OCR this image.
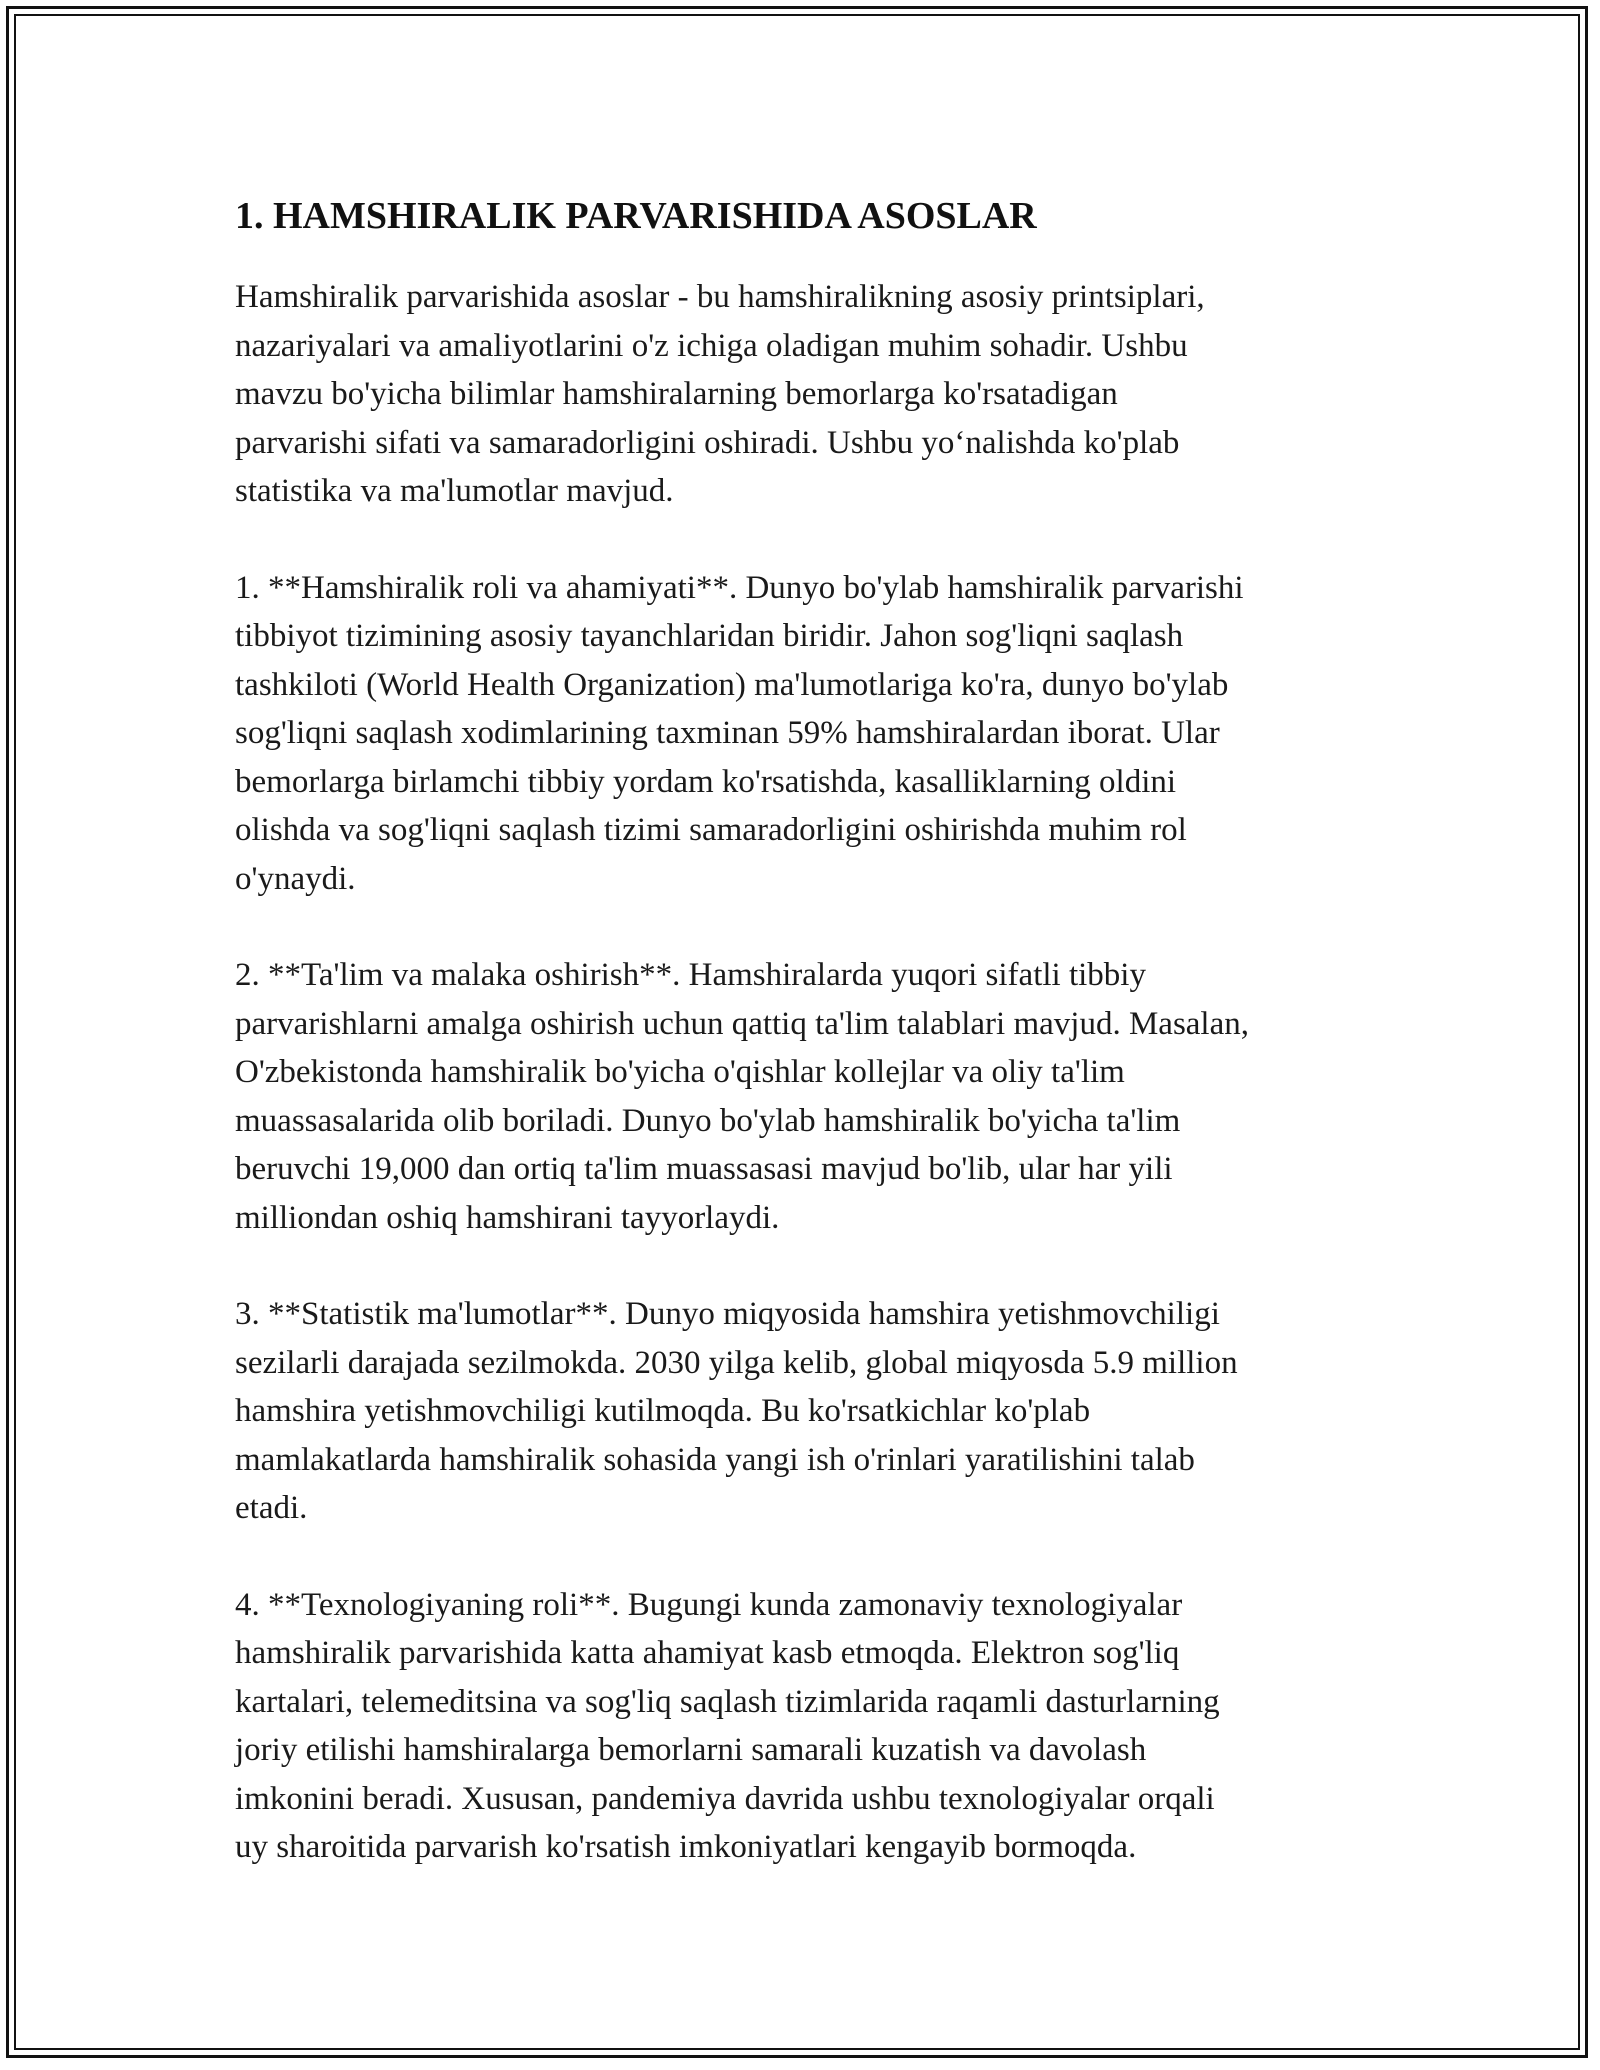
1. HAMSHIRALIK PARVARISHIDA ASOSLAR

Hamshiralik parvarishida asoslar - bu hamshiralikning asosiy printsiplari,
nazariyalari va amaliyotlarini o'z ichiga oladigan muhim sohadir. Ushbu
mavzu bo'yicha bilimlar hamshiralarning bemorlarga ko'rsatadigan
parvarishi sifati va samaradorligini oshiradi. Ushbu yo‘nalishda ko'plab
statistika va ma'lumotlar mavjud.

1. **Hamshiralik roli va ahamiyati**. Dunyo bo'ylab hamshiralik parvarishi
tibbiyot tizimining asosiy tayanchlaridan biridir. Jahon sog'liqni saqlash
tashkiloti (World Health Organization) ma'lumotlariga ko'ra, dunyo bo'ylab
sog'liqni saqlash xodimlarining taxminan 59% hamshiralardan iborat. Ular
bemorlarga birlamchi tibbiy yordam ko'rsatishda, kasalliklarning oldini
olishda va sog'liqni saqlash tizimi samaradorligini oshirishda muhim rol
o'ynaydi.

2. **Ta'lim va malaka oshirish**. Hamshiralarda yuqori sifatli tibbiy
parvarishlarni amalga oshirish uchun qattiq ta'lim talablari mavjud. Masalan,
O'zbekistonda hamshiralik bo'yicha o'qishlar kollejlar va oliy ta'lim
muassasalarida olib boriladi. Dunyo bo'ylab hamshiralik bo'yicha ta'lim
beruvchi 19,000 dan ortiq ta'lim muassasasi mavjud bo'lib, ular har yili
milliondan oshiq hamshirani tayyorlaydi.

3. **Statistik ma'lumotlar**. Dunyo miqyosida hamshira yetishmovchiligi
sezilarli darajada sezilmokda. 2030 yilga kelib, global miqyosda 5.9 million
hamshira yetishmovchiligi kutilmoqda. Bu ko'rsatkichlar ko'plab
mamlakatlarda hamshiralik sohasida yangi ish o'rinlari yaratilishini talab
etadi.

4. **Texnologiyaning roli**. Bugungi kunda zamonaviy texnologiyalar
hamshiralik parvarishida katta ahamiyat kasb etmoqda. Elektron sog'liq
kartalari, telemeditsina va sog'liq saqlash tizimlarida raqamli dasturlarning
joriy etilishi hamshiralarga bemorlarni samarali kuzatish va davolash
imkonini beradi. Xususan, pandemiya davrida ushbu texnologiyalar orqali
uy sharoitida parvarish ko'rsatish imkoniyatlari kengayib bormoqda.
